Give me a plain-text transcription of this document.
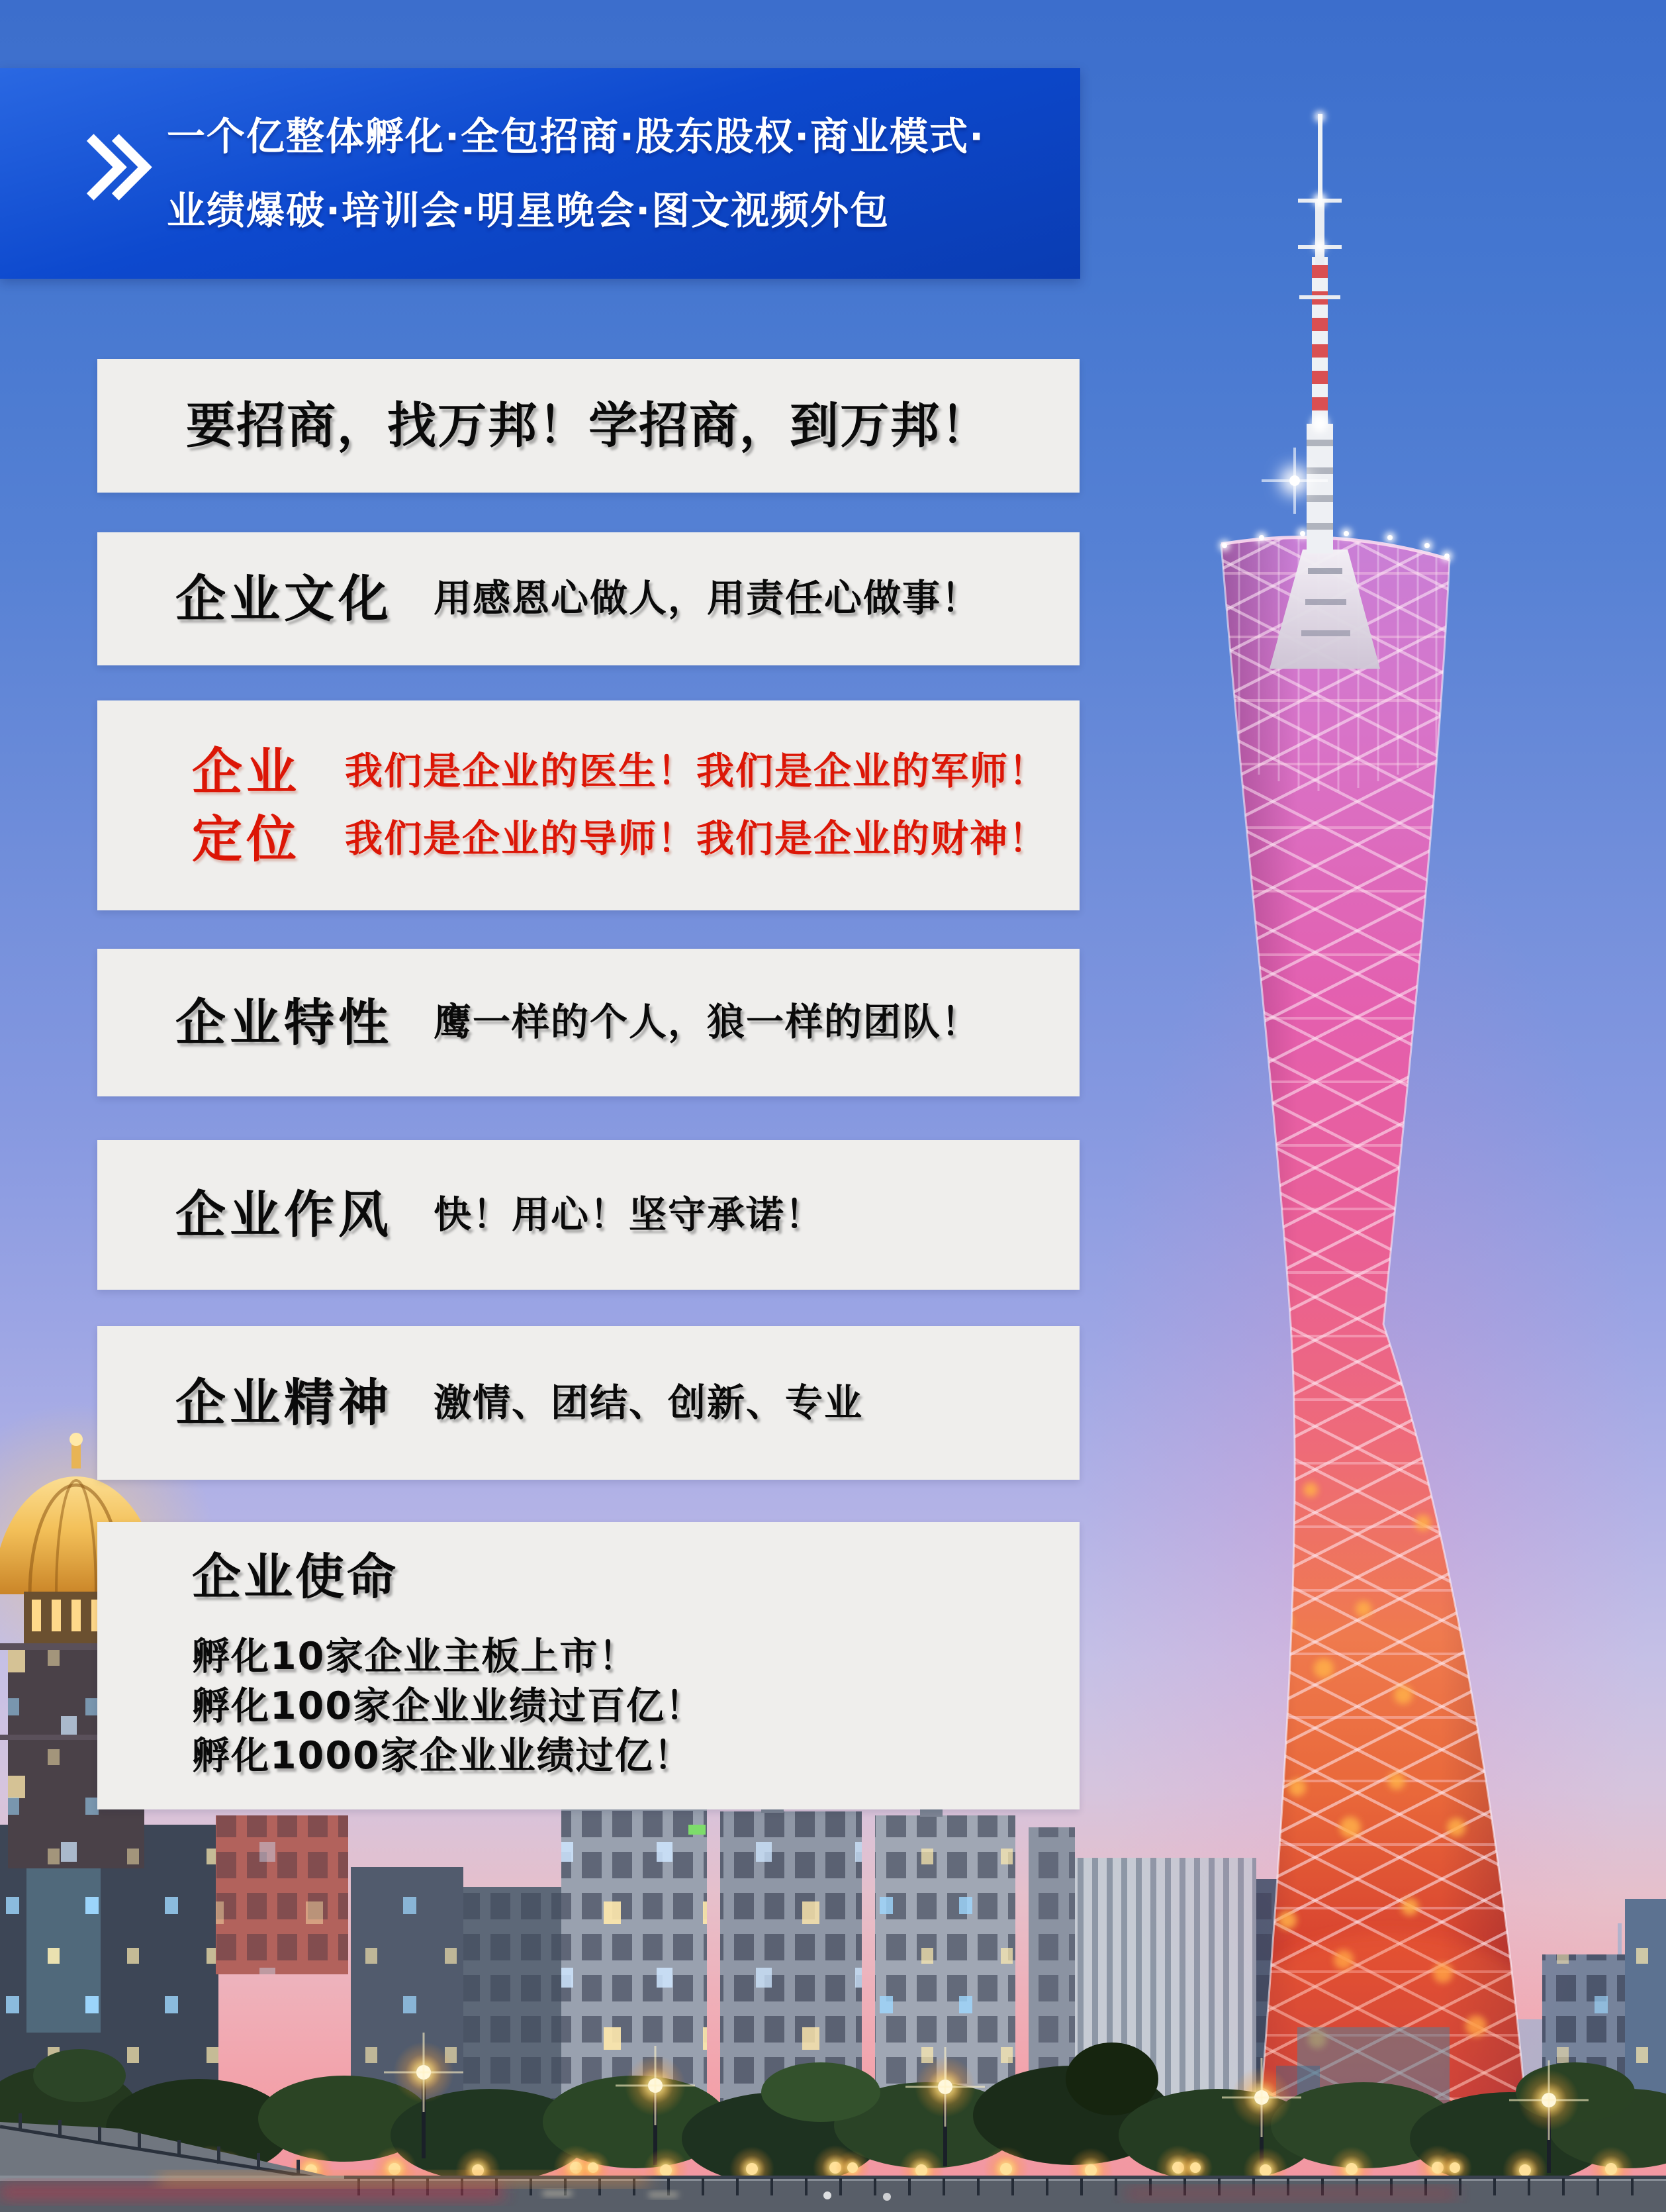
一个亿整体孵化·全包招商·股东股权·商业模式·
业绩爆破·培训会·明星晚会·图文视频外包
要招商，找万邦！学招商，到万邦！
企业文化 用感恩心做人，用责任心做事！
企业 我们是企业的医生！我们是企业的军师！
定位 我们是企业的导师！我们是企业的财神！
企业特性 鹰一样的个人，狼一样的团队！
企业作风 快！用心！坚守承诺！
企业精神 激情、团结、创新、专业
企业使命
孵化10家企业主板上市！
孵化100家企业业绩过百亿！
孵化1000家企业业绩过亿！
